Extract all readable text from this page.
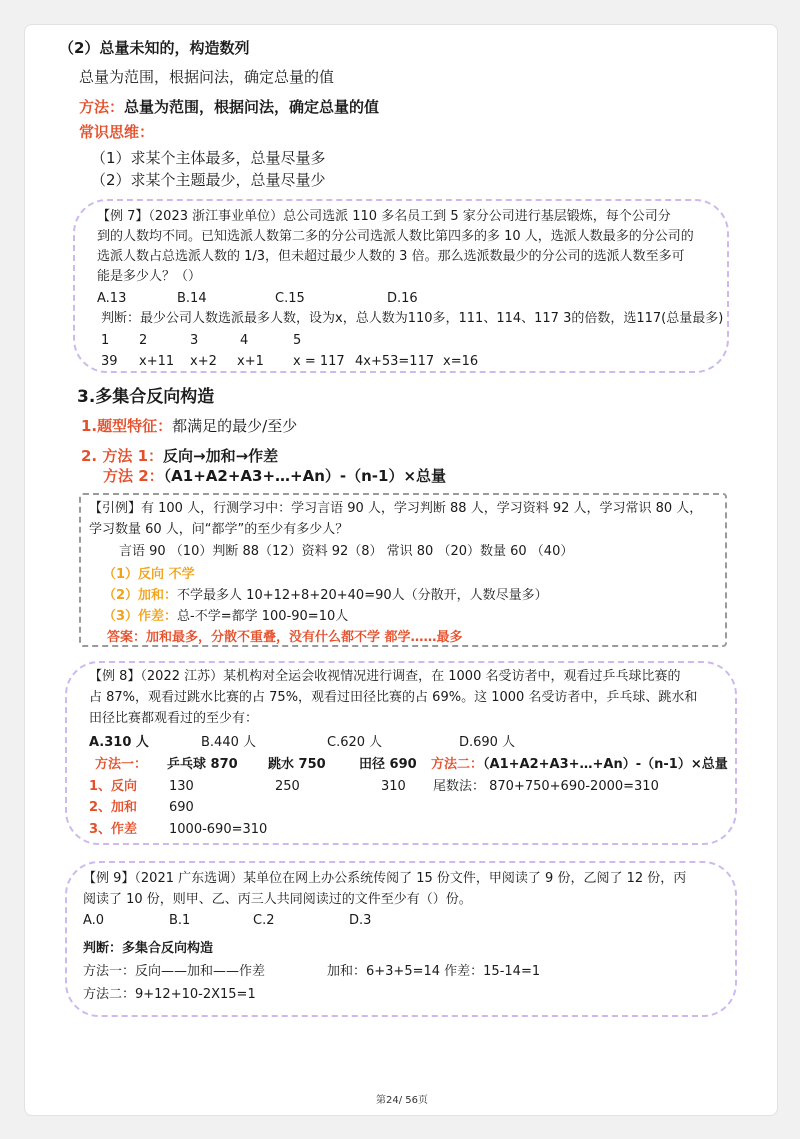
（2）总量未知的，构造数列
总量为范围，根据问法，确定总量的值
方法：总量为范围，根据问法，确定总量的值
常识思维：
（1）求某个主体最多，总量尽量多
（2）求某个主题最少，总量尽量少
【例 7】（2023 浙江事业单位）总公司选派 110 多名员工到 5 家分公司进行基层锻炼，每个公司分
到的人数均不同。已知选派人数第二多的分公司选派人数比第四多的多 10 人，选派人数最多的分公司的
选派人数占总选派人数的 1/3，但未超过最少人数的 3 倍。那么选派数最少的分公司的选派人数至多可
能是多少人？（）
A.13	B.14	C.15	D.16
判断：最少公司人数选派最多人数，设为x，总人数为110多，111、114、117 3的倍数，选117(总量最多)
1 2	3	4	5
39 x+11 x+2 x+1 x = 117 4x+53=117 x=16
3.多集合反向构造
1.题型特征：都满足的最少/至少
2. 方法 1：反向→加和→作差
方法 2：（A1+A2+A3+…+An）-（n-1）×总量
【引例】有 100 人，行测学习中：学习言语 90 人，学习判断 88 人，学习资料 92 人，学习常识 80 人，
学习数量 60 人，问“都学”的至少有多少人？
言语 90 （10）判断 88（12）资料 92（8） 常识 80 （20）数量 60 （40）
（1）反向 不学
（2）加和：不学最多人 10+12+8+20+40=90人（分散开，人数尽量多）
（3）作差：总-不学=都学 100-90=10人
答案：加和最多，分散不重叠，没有什么都不学 都学……最多
【例 8】（2022 江苏）某机构对全运会收视情况进行调查，在 1000 名受访者中，观看过乒乓球比赛的
占 87%，观看过跳水比赛的占 75%，观看过田径比赛的占 69%。这 1000 名受访者中，乒乓球、跳水和
田径比赛都观看过的至少有：
A.310 人	B.440 人	C.620 人	D.690 人
方法一： 乒乓球 870 跳水 750	田径 690 方法二：（A1+A2+A3+…+An）-（n-1）×总量
1、反向 130	250	310 尾数法： 870+750+690-2000=310
2、加和 690
3、作差 1000-690=310
【例 9】（2021 广东选调）某单位在网上办公系统传阅了 15 份文件，甲阅读了 9 份，乙阅了 12 份，丙
阅读了 10 份，则甲、乙、丙三人共同阅读过的文件至少有（）份。
A.0	B.1	C.2	D.3
判断：多集合反向构造
方法一：反向——加和——作差	加和：6+3+5=14 作差：15-14=1
方法二：9+12+10-2X15=1
第24/ 56页
